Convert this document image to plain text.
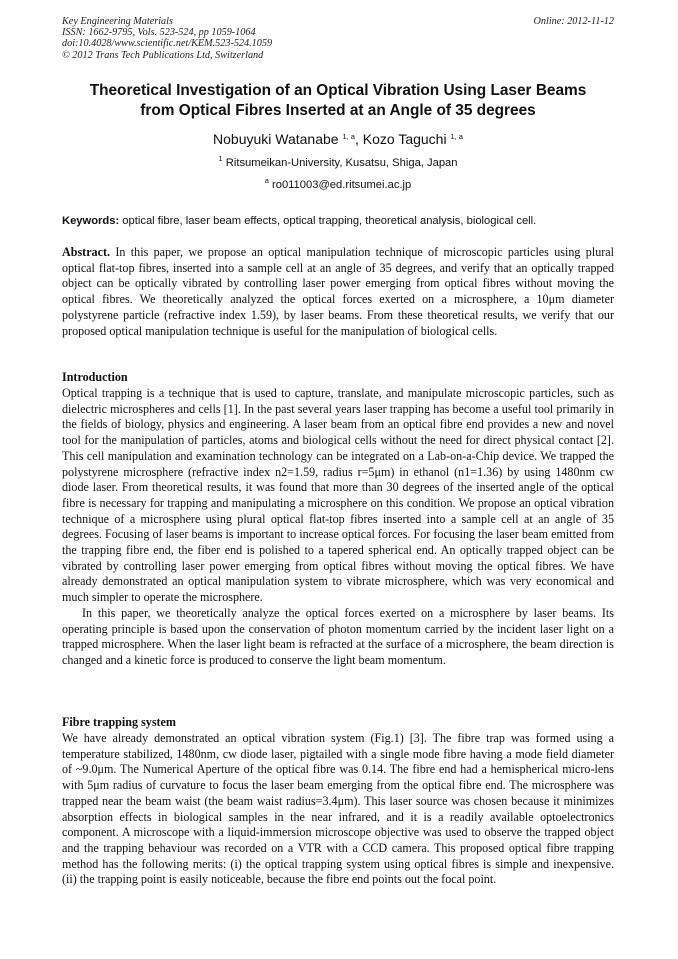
Key Engineering Materials
ISSN: 1662-9795, Vols. 523-524, pp 1059-1064
doi:10.4028/www.scientific.net/KEM.523-524.1059
© 2012 Trans Tech Publications Ltd, Switzerland
Online: 2012-11-12
Theoretical Investigation of an Optical Vibration Using Laser Beams
from Optical Fibres Inserted at an Angle of 35 degrees
Nobuyuki Watanabe $^{1, a}$, Kozo Taguchi $^{1, a}$
$^1$ Ritsumeikan-University, Kusatsu, Shiga, Japan
$^a$ ro011003@ed.ritsumei.ac.jp
Keywords: optical fibre, laser beam effects, optical trapping, theoretical analysis, biological cell.

Abstract. In this paper, we propose an optical manipulation technique of microscopic particles using plural optical flat-top fibres, inserted into a sample cell at an angle of 35 degrees, and verify that an optically trapped object can be optically vibrated by controlling laser power emerging from optical fibres without moving the optical fibres. We theoretically analyzed the optical forces exerted on a microsphere, a 10μm diameter polystyrene particle (refractive index 1.59), by laser beams. From these theoretical results, we verify that our proposed optical manipulation technique is useful for the manipulation of biological cells.

Introduction

Optical trapping is a technique that is used to capture, translate, and manipulate microscopic particles, such as dielectric microspheres and cells [1]. In the past several years laser trapping has become a useful tool primarily in the fields of biology, physics and engineering. A laser beam from an optical fibre end provides a new and novel tool for the manipulation of particles, atoms and biological cells without the need for direct physical contact [2]. This cell manipulation and examination technology can be integrated on a Lab-on-a-Chip device. We trapped the polystyrene microsphere (refractive index n2=1.59, radius r=5μm) in ethanol (n1=1.36) by using 1480nm cw diode laser. From theoretical results, it was found that more than 30 degrees of the inserted angle of the optical fibre is necessary for trapping and manipulating a microsphere on this condition. We propose an optical vibration technique of a microsphere using plural optical flat-top fibres inserted into a sample cell at an angle of 35 degrees. Focusing of laser beams is important to increase optical forces. For focusing the laser beam emitted from the trapping fibre end, the fiber end is polished to a tapered spherical end. An optically trapped object can be vibrated by controlling laser power emerging from optical fibres without moving the optical fibres. We have already demonstrated an optical manipulation system to vibrate microsphere, which was very economical and much simpler to operate the microsphere.

In this paper, we theoretically analyze the optical forces exerted on a microsphere by laser beams. Its operating principle is based upon the conservation of photon momentum carried by the incident laser light on a trapped microsphere. When the laser light beam is refracted at the surface of a microsphere, the beam direction is changed and a kinetic force is produced to conserve the light beam momentum.

Fibre trapping system

We have already demonstrated an optical vibration system (Fig.1) [3]. The fibre trap was formed using a temperature stabilized, 1480nm, cw diode laser, pigtailed with a single mode fibre having a mode field diameter of ~9.0μm. The Numerical Aperture of the optical fibre was 0.14. The fibre end had a hemispherical micro-lens with 5μm radius of curvature to focus the laser beam emerging from the optical fibre end. The microsphere was trapped near the beam waist (the beam waist radius=3.4μm). This laser source was chosen because it minimizes absorption effects in biological samples in the near infrared, and it is a readily available optoelectronics component. A microscope with a liquid-immersion microscope objective was used to observe the trapped object and the trapping behaviour was recorded on a VTR with a CCD camera. This proposed optical fibre trapping method has the following merits: (i) the optical trapping system using optical fibres is simple and inexpensive. (ii) the trapping point is easily noticeable, because the fibre end points out the focal point.
